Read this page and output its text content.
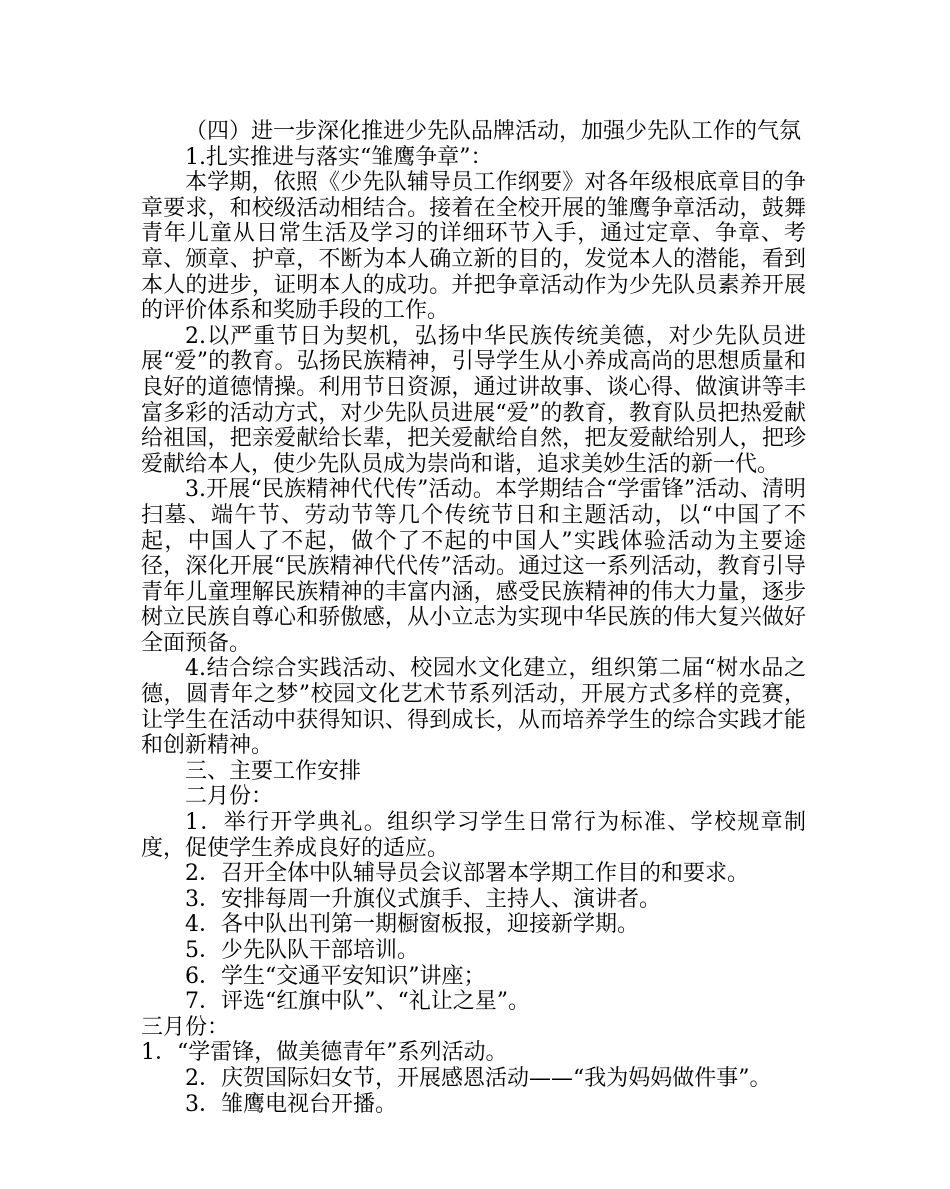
（四）进一步深化推进少先队品牌活动，加强少先队工作的气氛

1.扎实推进与落实“雏鹰争章”：

本学期，依照《少先队辅导员工作纲要》对各年级根底章目的争章要求，和校级活动相结合。接着在全校开展的雏鹰争章活动，鼓舞青年儿童从日常生活及学习的详细环节入手，通过定章、争章、考章、颁章、护章，不断为本人确立新的目的，发觉本人的潜能，看到本人的进步，证明本人的成功。并把争章活动作为少先队员素养开展的评价体系和奖励手段的工作。

2.以严重节日为契机，弘扬中华民族传统美德，对少先队员进展“爱”的教育。弘扬民族精神，引导学生从小养成高尚的思想质量和良好的道德情操。利用节日资源，通过讲故事、谈心得、做演讲等丰富多彩的活动方式，对少先队员进展“爱”的教育，教育队员把热爱献给祖国，把亲爱献给长辈，把关爱献给自然，把友爱献给别人，把珍爱献给本人，使少先队员成为崇尚和谐，追求美妙生活的新一代。

3.开展“民族精神代代传”活动。本学期结合“学雷锋”活动、清明扫墓、端午节、劳动节等几个传统节日和主题活动，以“中国了不起，中国人了不起，做个了不起的中国人”实践体验活动为主要途径，深化开展“民族精神代代传”活动。通过这一系列活动，教育引导青年儿童理解民族精神的丰富内涵，感受民族精神的伟大力量，逐步树立民族自尊心和骄傲感，从小立志为实现中华民族的伟大复兴做好全面预备。

4.结合综合实践活动、校园水文化建立，组织第二届“树水品之德，圆青年之梦”校园文化艺术节系列活动，开展方式多样的竞赛，让学生在活动中获得知识、得到成长，从而培养学生的综合实践才能和创新精神。

三、主要工作安排

二月份：

1．举行开学典礼。组织学习学生日常行为标准、学校规章制度，促使学生养成良好的适应。

2．召开全体中队辅导员会议部署本学期工作目的和要求。

3．安排每周一升旗仪式旗手、主持人、演讲者。

4．各中队出刊第一期橱窗板报，迎接新学期。

5．少先队队干部培训。

6．学生“交通平安知识”讲座；

7．评选“红旗中队”、“礼让之星”。

三月份：

1．“学雷锋，做美德青年”系列活动。

2．庆贺国际妇女节，开展感恩活动——“我为妈妈做件事”。

3．雏鹰电视台开播。
